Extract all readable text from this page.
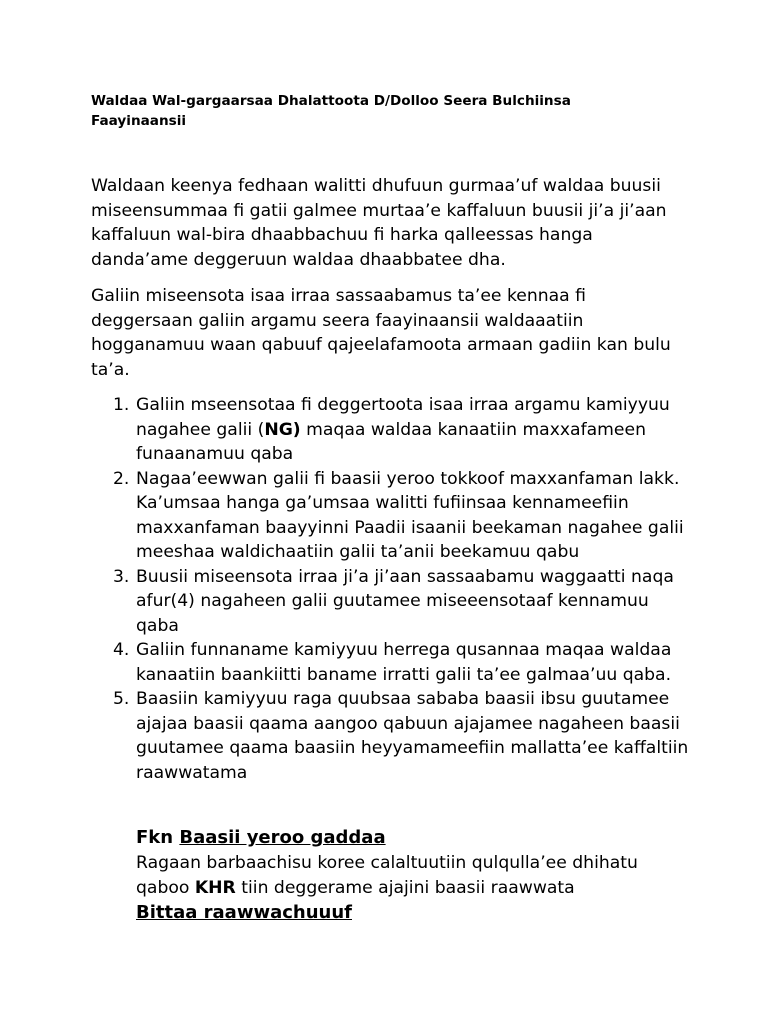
Waldaa Wal-gargaarsaa Dhalattoota D/Dolloo Seera Bulchiinsa
Faayinaansii

Waldaan keenya fedhaan walitti dhufuun gurmaa’uf waldaa buusii miseensummaa fi gatii galmee murtaa’e kaffaluun buusii ji’a ji’aan kaffaluun wal-bira dhaabbachuu fi harka qalleessas hanga danda’ame deggeruun waldaa dhaabbatee dha.

Galiin miseensota isaa irraa sassaabamus ta’ee kennaa fi deggersaan galiin argamu seera faayinaansii waldaaatiin hogganamuu waan qabuuf qajeelafamoota armaan gadiin kan bulu ta’a.

1. Galiin mseensotaa fi deggertoota isaa irraa argamu kamiyyuu nagahee galii (NG) maqaa waldaa kanaatiin maxxafameen funaanamuu qaba
2. Nagaa’eewwan galii fi baasii yeroo tokkoof maxxanfaman lakk. Ka’umsaa hanga ga’umsaa walitti fufiinsaa kennameefiin maxxanfaman baayyinni Paadii isaanii beekaman nagahee galii meeshaa waldichaatiin galii ta’anii beekamuu qabu
3. Buusii miseensota irraa ji’a ji’aan sassaabamu waggaatti naqa afur(4) nagaheen galii guutamee miseeensotaaf kennamuu qaba
4. Galiin funnaname kamiyyuu herrega qusannaa maqaa waldaa kanaatiin baankiitti baname irratti galii ta’ee galmaa’uu qaba.
5. Baasiin kamiyyuu raga quubsaa sababa baasii ibsu guutamee ajajaa baasii qaama aangoo qabuun ajajamee nagaheen baasii guutamee qaama baasiin heyyamameefiin mallatta’ee kaffaltiin raawwatama

Fkn Baasii yeroo gaddaa

Ragaan barbaachisu koree calaltuutiin qulqulla’ee dhihatu qaboo KHR tiin deggerame ajajini baasii raawwata

Bittaa raawwachuuuf
